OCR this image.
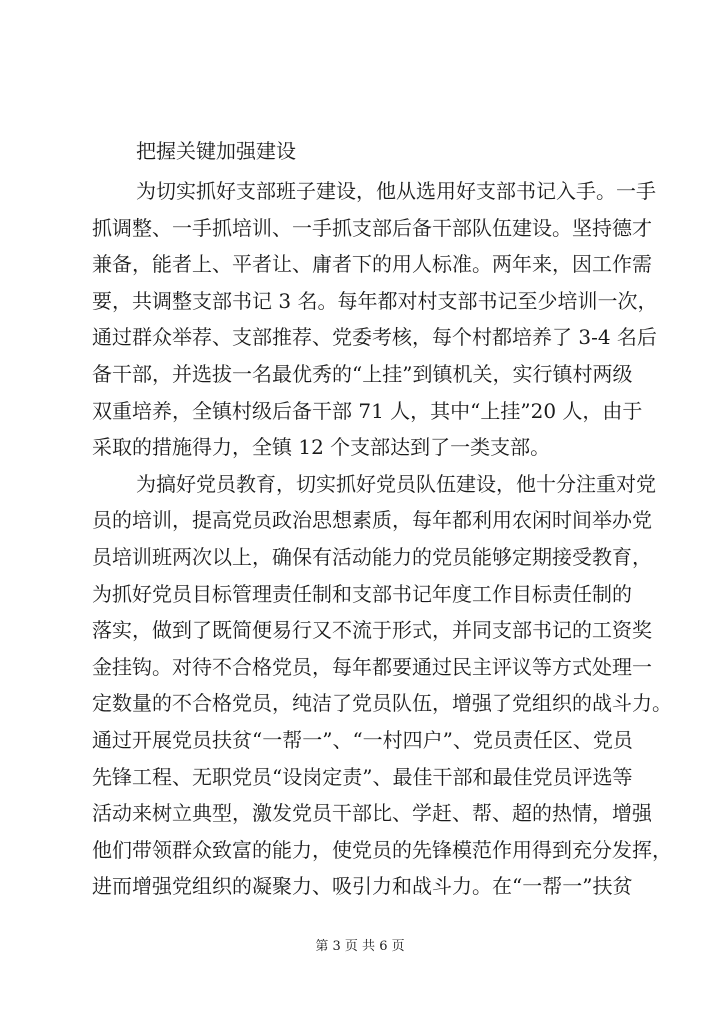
把握关键加强建设

为切实抓好支部班子建设，他从选用好支部书记入手。一手
抓调整、一手抓培训、一手抓支部后备干部队伍建设。坚持德才
兼备，能者上、平者让、庸者下的用人标准。两年来，因工作需
要，共调整支部书记 3 名。每年都对村支部书记至少培训一次，
通过群众举荐、支部推荐、党委考核，每个村都培养了 3-4 名后
备干部，并选拔一名最优秀的“上挂”到镇机关，实行镇村两级
双重培养，全镇村级后备干部 71 人，其中“上挂”20 人，由于
采取的措施得力，全镇 12 个支部达到了一类支部。

为搞好党员教育，切实抓好党员队伍建设，他十分注重对党
员的培训，提高党员政治思想素质，每年都利用农闲时间举办党
员培训班两次以上，确保有活动能力的党员能够定期接受教育，
为抓好党员目标管理责任制和支部书记年度工作目标责任制的
落实，做到了既简便易行又不流于形式，并同支部书记的工资奖
金挂钩。对待不合格党员，每年都要通过民主评议等方式处理一
定数量的不合格党员，纯洁了党员队伍，增强了党组织的战斗力。
通过开展党员扶贫“一帮一”、“一村四户”、党员责任区、党员
先锋工程、无职党员“设岗定责”、最佳干部和最佳党员评选等
活动来树立典型，激发党员干部比、学赶、帮、超的热情，增强
他们带领群众致富的能力，使党员的先锋模范作用得到充分发挥，
进而增强党组织的凝聚力、吸引力和战斗力。在“一帮一”扶贫

第 3 页 共 6 页
